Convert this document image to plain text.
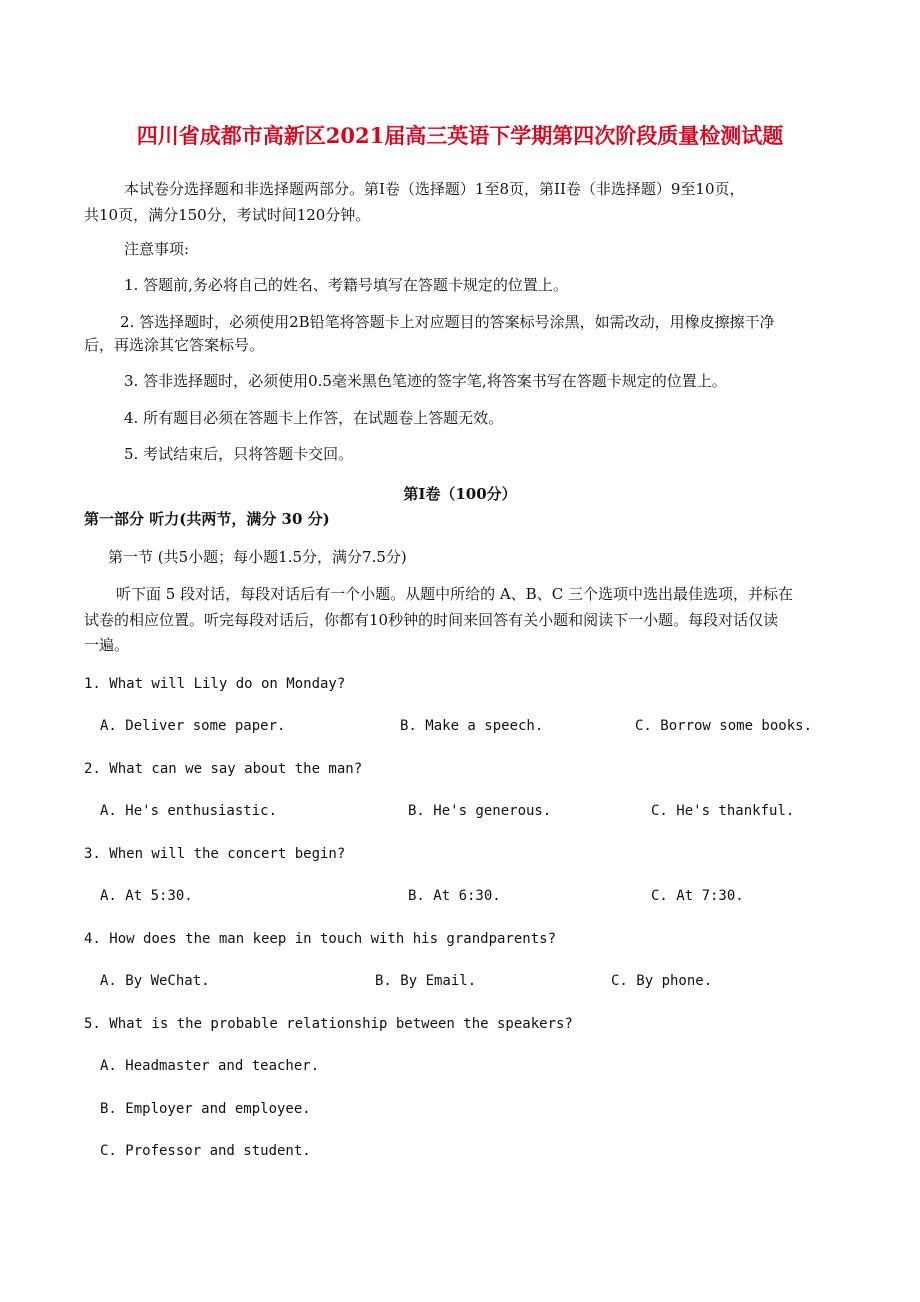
四川省成都市高新区2021届高三英语下学期第四次阶段质量检测试题
本试卷分选择题和非选择题两部分。第Ⅰ卷（选择题）1至8页，第II卷（非选择题）9至10页，
共10页，满分150分，考试时间120分钟。
注意事项:
1. 答题前,务必将自己的姓名、考籍号填写在答题卡规定的位置上。
2. 答选择题时，必须使用2B铅笔将答题卡上对应题目的答案标号涂黑，如需改动，用橡皮擦擦干净
后，再选涂其它答案标号。
3. 答非选择题时，必须使用0.5毫米黑色笔迹的签字笔,将答案书写在答题卡规定的位置上。
4. 所有题目必须在答题卡上作答，在试题卷上答题无效。
5. 考试结束后，只将答题卡交回。
第Ⅰ卷（100分）
第一部分 听力(共两节，满分 30 分)
第一节 (共5小题；每小题1.5分，满分7.5分)
听下面 5 段对话，每段对话后有一个小题。从题中所给的 A、B、C 三个选项中选出最佳选项，并标在
试卷的相应位置。听完每段对话后，你都有10秒钟的时间来回答有关小题和阅读下一小题。每段对话仅读
一遍。
1. What will Lily do on Monday?
A. Deliver some paper.	B. Make a speech.	C. Borrow some books.
2. What can we say about the man?
A. He's enthusiastic.	B. He's generous.	C. He's thankful.
3. When will the concert begin?
A. At 5:30.	B. At 6:30.	C. At 7:30.
4. How does the man keep in touch with his grandparents?
A. By WeChat.	B. By Email.	C. By phone.
5. What is the probable relationship between the speakers?
A. Headmaster and teacher.
B. Employer and employee.
C. Professor and student.
